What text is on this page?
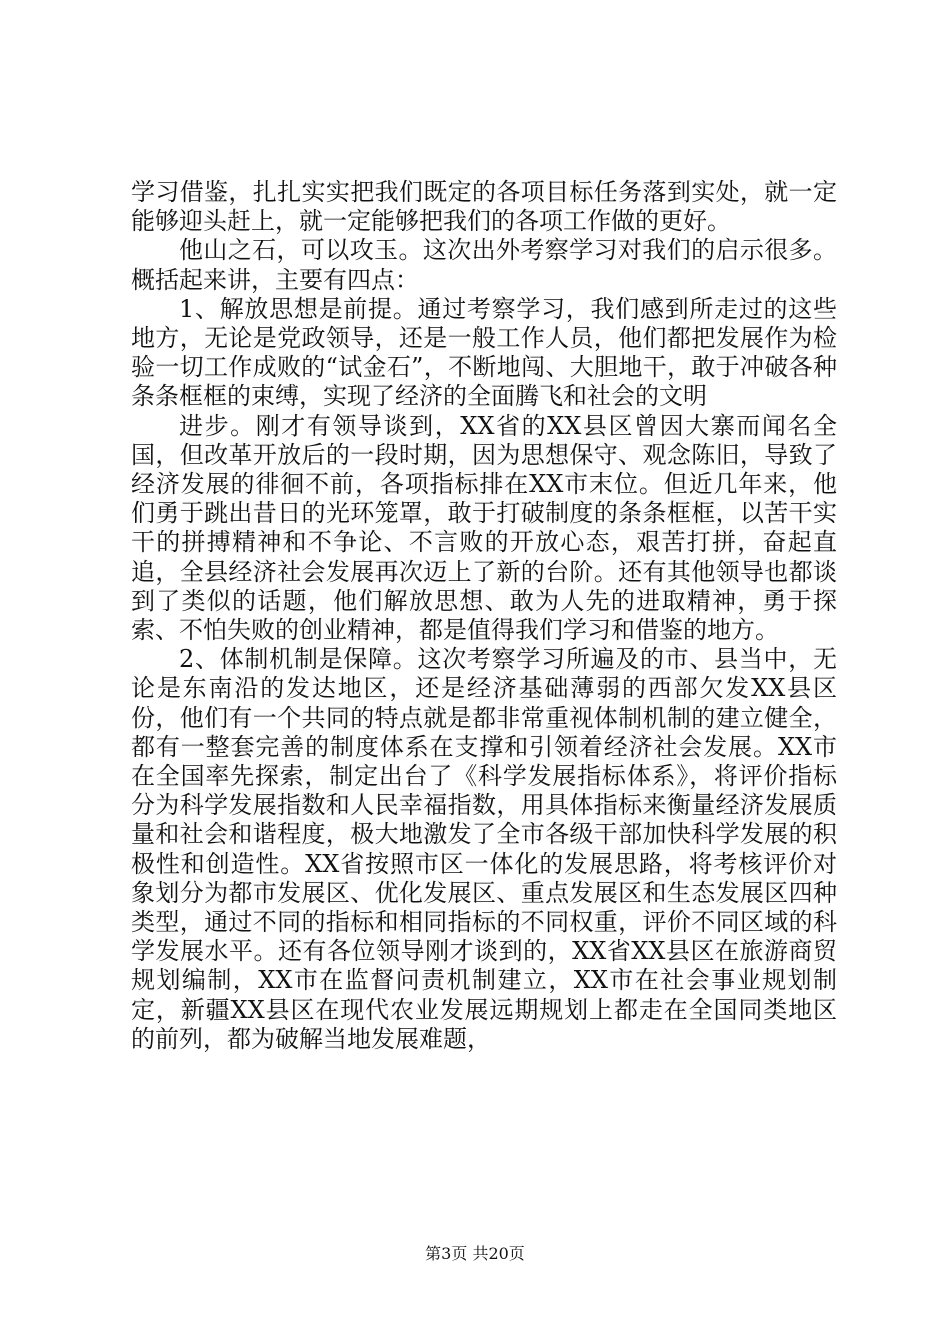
学习借鉴，扎扎实实把我们既定的各项目标任务落到实处，就一定能够迎头赶上，就一定能够把我们的各项工作做的更好。

他山之石，可以攻玉。这次出外考察学习对我们的启示很多。概括起来讲，主要有四点：

1、解放思想是前提。通过考察学习，我们感到所走过的这些地方，无论是党政领导，还是一般工作人员，他们都把发展作为检验一切工作成败的“试金石”，不断地闯、大胆地干，敢于冲破各种条条框框的束缚，实现了经济的全面腾飞和社会的文明

进步。刚才有领导谈到，XX省的XX县区曾因大寨而闻名全国，但改革开放后的一段时期，因为思想保守、观念陈旧，导致了经济发展的徘徊不前，各项指标排在XX市末位。但近几年来，他们勇于跳出昔日的光环笼罩，敢于打破制度的条条框框，以苦干实干的拼搏精神和不争论、不言败的开放心态，艰苦打拼，奋起直追，全县经济社会发展再次迈上了新的台阶。还有其他领导也都谈到了类似的话题，他们解放思想、敢为人先的进取精神，勇于探索、不怕失败的创业精神，都是值得我们学习和借鉴的地方。

2、体制机制是保障。这次考察学习所遍及的市、县当中，无论是东南沿的发达地区，还是经济基础薄弱的西部欠发XX县区份，他们有一个共同的特点就是都非常重视体制机制的建立健全，都有一整套完善的制度体系在支撑和引领着经济社会发展。XX市在全国率先探索，制定出台了《科学发展指标体系》，将评价指标分为科学发展指数和人民幸福指数，用具体指标来衡量经济发展质量和社会和谐程度，极大地激发了全市各级干部加快科学发展的积极性和创造性。XX省按照市区一体化的发展思路，将考核评价对象划分为都市发展区、优化发展区、重点发展区和生态发展区四种类型，通过不同的指标和相同指标的不同权重，评价不同区域的科学发展水平。还有各位领导刚才谈到的，XX省XX县区在旅游商贸规划编制，XX市在监督问责机制建立，XX市在社会事业规划制定，新疆XX县区在现代农业发展远期规划上都走在全国同类地区的前列，都为破解当地发展难题，

第3页 共20页
